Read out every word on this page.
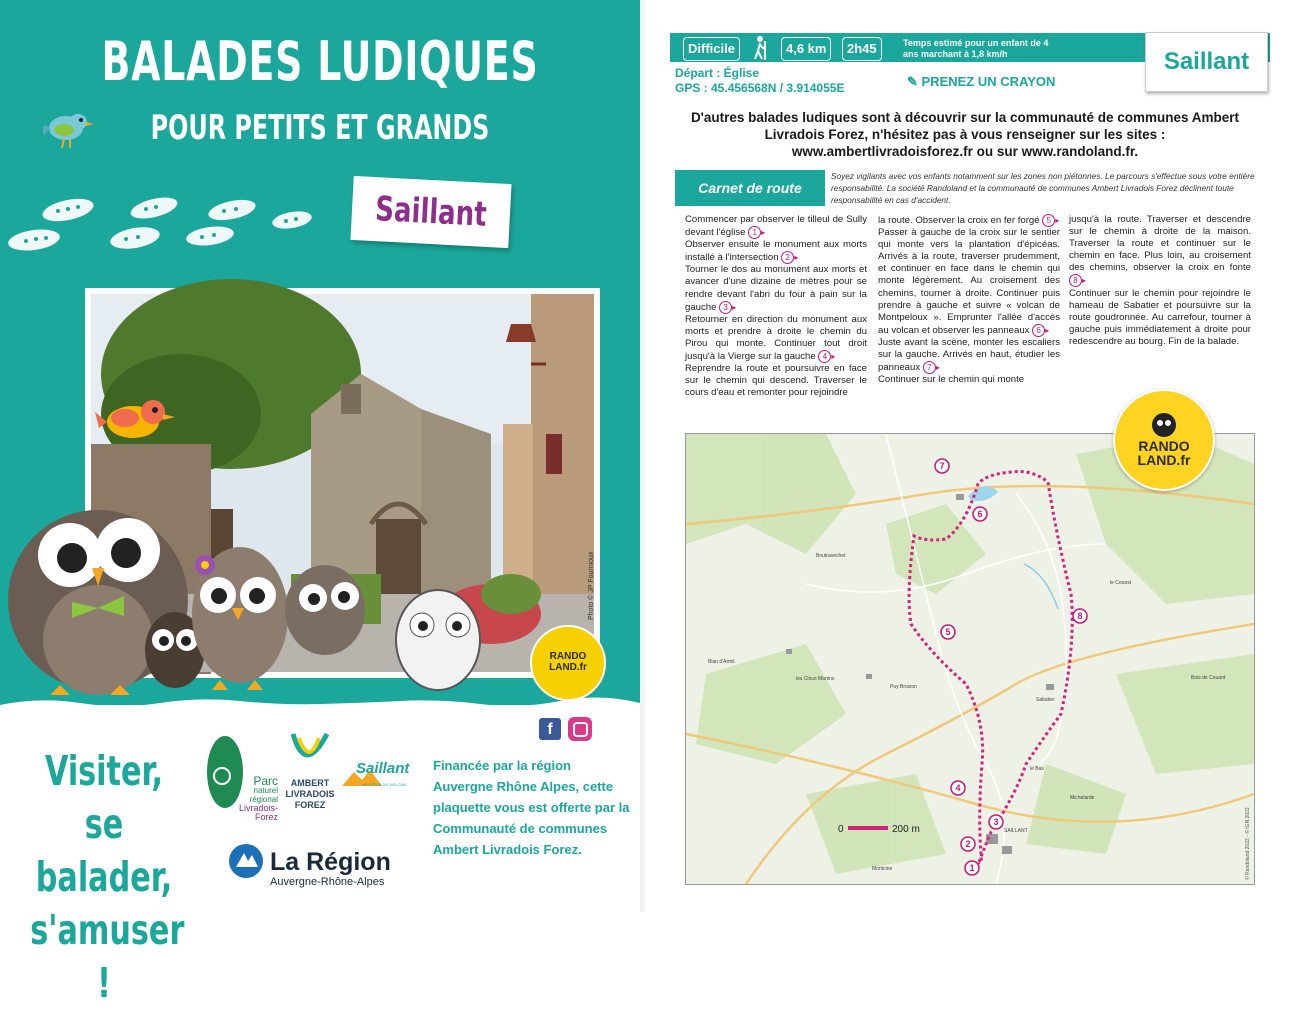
BALADES LUDIQUES
POUR PETITS ET GRANDS
Saillant
Photo © JP Fournioux
RANDO LAND.fr
Visiter,
se balader,
s'amuser !
Parc
naturel
régional
Livradois-Forez
AMBERT
LIVRADOIS
FOREZ
Saillant
AU CŒUR DU VOLCAN
f
Financée par la région Auvergne Rhône Alpes, cette plaquette vous est offerte par la Communauté de communes Ambert Livradois Forez.
La Région
Auvergne-Rhône-Alpes
Difficile	4,6 km	2h45	Temps estimé pour un enfant de 4 ans marchant à 1,8 km/h	Saillant
Départ : Église
GPS : 45.456568N / 3.914055E	✎ PRENEZ UN CRAYON
D'autres balades ludiques sont à découvrir sur la communauté de communes Ambert Livradois Forez, n'hésitez pas à vous renseigner sur les sites :
www.ambertlivradoisforez.fr ou sur www.randoland.fr.
Carnet de route
Soyez vigilants avec vos enfants notamment sur les zones non piétonnes. Le parcours s'effectue sous votre entière responsabilité. La société Randoland et la communauté de communes Ambert Livradois Forez déclinent toute responsabilité en cas d'accident.
Commencer par observer le tilleul de Sully devant l'église 1 ▸
Observer ensuite le monument aux morts installé à l'intersection 2 ▸
Tourner le dos au monument aux morts et avancer d'une dizaine de mètres pour se rendre devant l'abri du four à pain sur la gauche 3 ▸
Retourner en direction du monument aux morts et prendre à droite le chemin du Pirou qui monte. Continuer tout droit jusqu'à la Vierge sur la gauche 4 ▸
Reprendre la route et poursuivre en face sur le chemin qui descend. Traverser le cours d'eau et remonter pour rejoindre
la route. Observer la croix en fer forgé 5 ▸
Passer à gauche de la croix sur le sentier qui monte vers la plantation d'épicéas. Arrivés à la route, traverser prudemment, et continuer en face dans le chemin qui monte légèrement. Au croisement des chemins, tourner à droite. Continuer puis prendre à gauche et suivre « volcan de Montpeloux ». Emprunter l'allée d'accès au volcan et observer les panneaux 6 ▸
Juste avant la scène, monter les escaliers sur la gauche. Arrivés en haut, étudier les panneaux 7 ▸
Continuer sur le chemin qui monte
jusqu'à la route. Traverser et descendre sur le chemin à droite de la maison. Traverser la route et continuer sur le chemin en face. Plus loin, au croisement des chemins, observer la croix en fonte 8 ▸
Continuer sur le chemin pour rejoindre le hameau de Sabatier et poursuivre sur la route goudronnée. Au carrefour, tourner à gauche puis immédiatement à droite pour redescendre au bourg. Fin de la balade.
Boutravéchet
le Couest
Blan d'Armil
les Clous Martins
Puy Broizon
Sabatier
Bois de Couard
Michelarde
le Bas
SAILLANT
Montcine	1
2
3
4
5
6
7
8
0	200 m	© Randoland 2022 - © IGN 2022
RANDO LAND.fr
